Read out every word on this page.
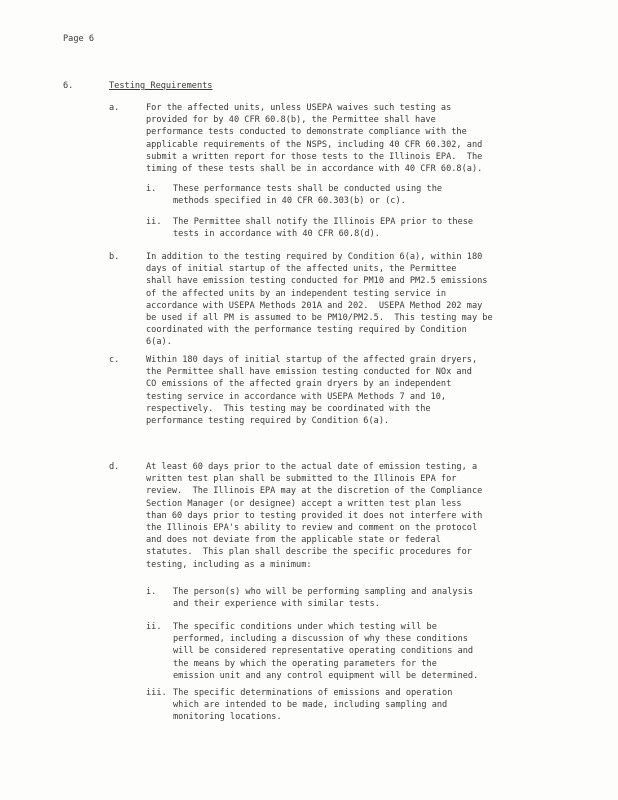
Page 6
6.	Testing Requirements
a.	For the affected units, unless USEPA waives such testing as
provided for by 40 CFR 60.8(b), the Permittee shall have
performance tests conducted to demonstrate compliance with the
applicable requirements of the NSPS, including 40 CFR 60.302, and
submit a written report for those tests to the Illinois EPA.  The
timing of these tests shall be in accordance with 40 CFR 60.8(a).
i. These performance tests shall be conducted using the
methods specified in 40 CFR 60.303(b) or (c).
ii. The Permittee shall notify the Illinois EPA prior to these
tests in accordance with 40 CFR 60.8(d).
b.	In addition to the testing required by Condition 6(a), within 180
days of initial startup of the affected units, the Permittee
shall have emission testing conducted for PM10 and PM2.5 emissions
of the affected units by an independent testing service in
accordance with USEPA Methods 201A and 202.  USEPA Method 202 may
be used if all PM is assumed to be PM10/PM2.5.  This testing may be
coordinated with the performance testing required by Condition
6(a).
c.	Within 180 days of initial startup of the affected grain dryers,
the Permittee shall have emission testing conducted for NOx and
CO emissions of the affected grain dryers by an independent
testing service in accordance with USEPA Methods 7 and 10,
respectively.  This testing may be coordinated with the
performance testing required by Condition 6(a).
d.	At least 60 days prior to the actual date of emission testing, a
written test plan shall be submitted to the Illinois EPA for
review.  The Illinois EPA may at the discretion of the Compliance
Section Manager (or designee) accept a written test plan less
than 60 days prior to testing provided it does not interfere with
the Illinois EPA's ability to review and comment on the protocol
and does not deviate from the applicable state or federal
statutes.  This plan shall describe the specific procedures for
testing, including as a minimum:
i. The person(s) who will be performing sampling and analysis
and their experience with similar tests.
ii. The specific conditions under which testing will be
performed, including a discussion of why these conditions
will be considered representative operating conditions and
the means by which the operating parameters for the
emission unit and any control equipment will be determined.
iii. The specific determinations of emissions and operation
which are intended to be made, including sampling and
monitoring locations.
